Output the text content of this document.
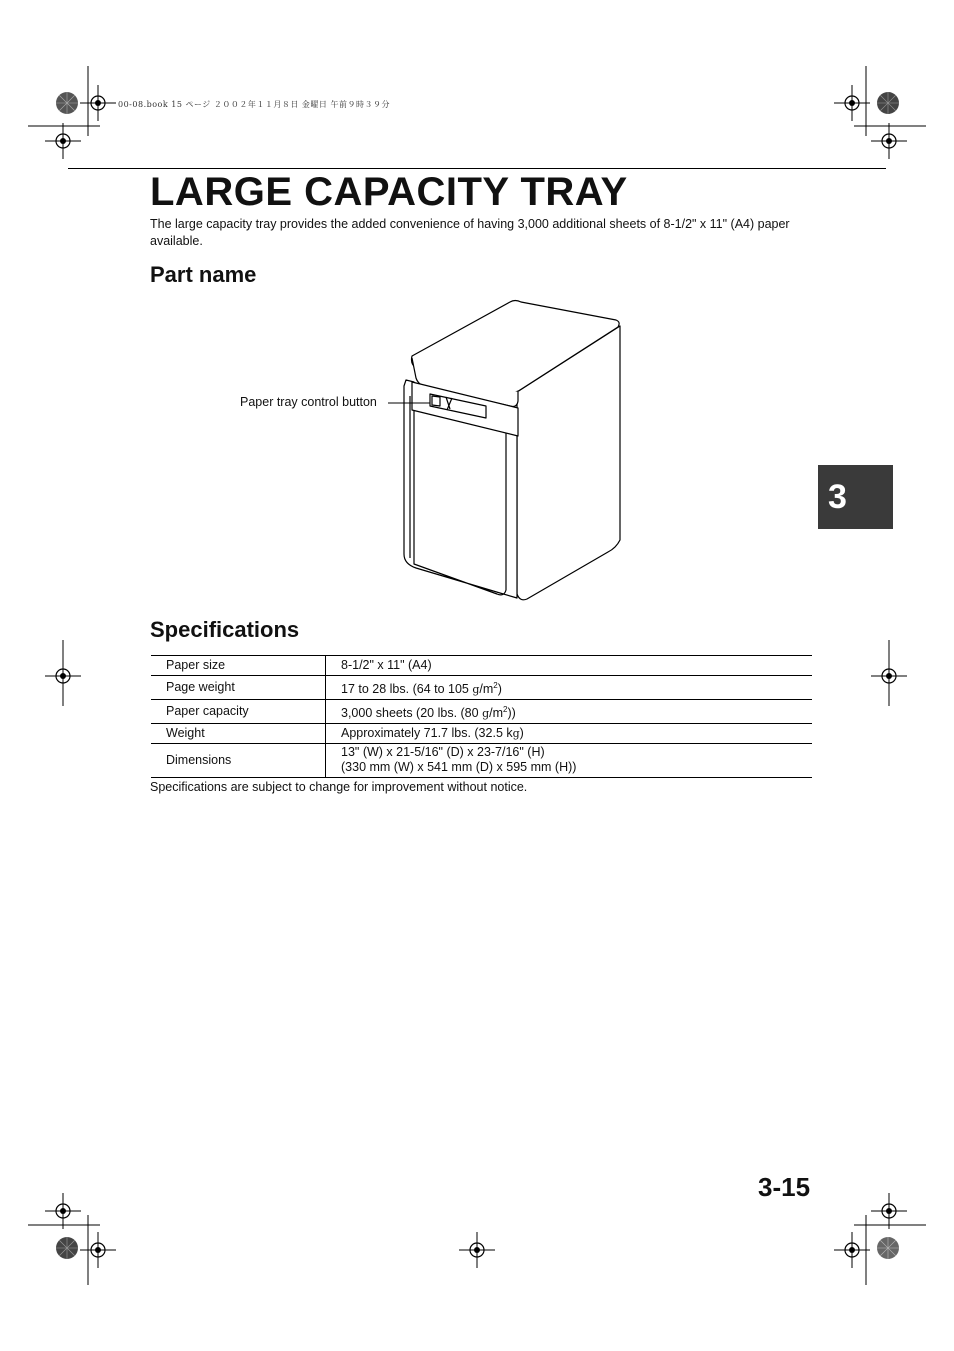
00-08.book 15 ページ ２００２年１１月８日 金曜日 午前９時３９分
LARGE CAPACITY TRAY

The large capacity tray provides the added convenience of having 3,000 additional sheets of 8-1/2" x 11" (A4) paper available.

Part name
Paper tray control button
Specifications
Paper size	8-1/2" x 11" (A4)
Page weight	17 to 28 lbs. (64 to 105 $g/m^2$)
Paper capacity	3,000 sheets (20 lbs. (80 $g/m^2$))
Weight	Approximately 71.7 lbs. (32.5 kg)
Dimensions	13" (W) x 21-5/16" (D) x 23-7/16" (H)
(330 mm (W) x 541 mm (D) x 595 mm (H))

Specifications are subject to change for improvement without notice.

3
3-15
